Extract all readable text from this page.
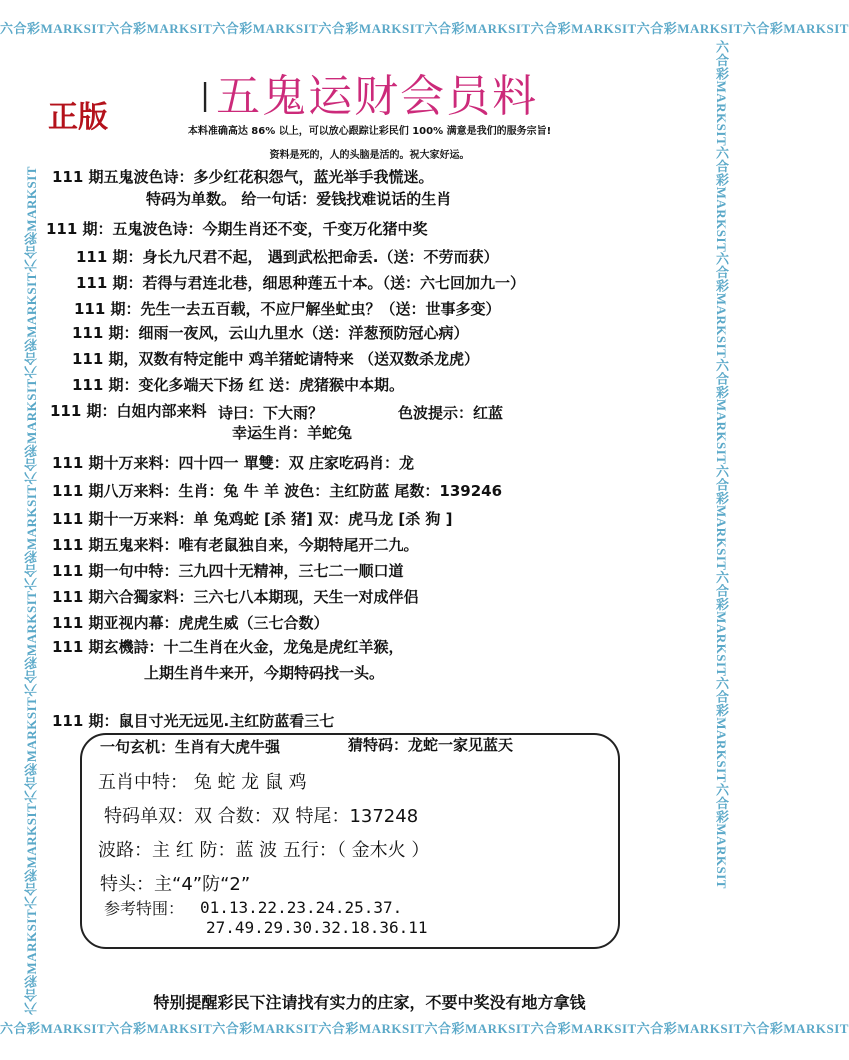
六合彩MARKSIT六合彩MARKSIT六合彩MARKSIT六合彩MARKSIT六合彩MARKSIT六合彩MARKSIT六合彩MARKSIT六合彩MARKSIT
六合彩MARKSIT六合彩MARKSIT六合彩MARKSIT六合彩MARKSIT六合彩MARKSIT六合彩MARKSIT六合彩MARKSIT六合彩MARKSIT
六合彩MARKSIT六合彩MARKSIT六合彩MARKSIT六合彩MARKSIT六合彩MARKSIT六合彩MARKSIT六合彩MARKSIT六合彩MARKSIT	六合彩MARKSIT六合彩MARKSIT六合彩MARKSIT六合彩MARKSIT六合彩MARKSIT六合彩MARKSIT六合彩MARKSIT六合彩MARKSIT
|五鬼运财会员料
正版	本料准确高达 86% 以上，可以放心跟踪让彩民们 100% 满意是我们的服务宗旨!
资料是死的，人的头脑是活的。祝大家好运。
111 期五鬼波色诗：多少红花积怨气，蓝光举手我慌迷。
特码为单数。 给一句话：爱钱找难说话的生肖
111 期：五鬼波色诗：今期生肖还不变，千变万化猪中奖
111 期：身长九尺君不起， 遇到武松把命丢.（送：不劳而获）
111 期：若得与君连北巷，细思种莲五十本。（送：六七回加九一）
111 期：先生一去五百载，不应尸解坐虻虫？（送：世事多变）
111 期：细雨一夜风，云山九里水（送：洋葱预防冠心病）
111 期，双数有特定能中 鸡羊猪蛇请特来 （送双数杀龙虎）
111 期：变化多端天下扬 红 送：虎猪猴中本期。
111 期：白姐内部来料 诗曰：下大雨？	色波提示：红蓝
幸运生肖：羊蛇兔
111 期十万来料：四十四一 單雙：双 庄家吃码肖：龙
111 期八万来料：生肖：兔 牛 羊 波色：主红防蓝 尾数：139246
111 期十一万来料：单 兔鸡蛇 [杀 猪] 双：虎马龙 [杀 狗 ]
111 期五鬼来料：唯有老鼠独自来，今期特尾开二九。
111 期一句中特：三九四十无精神，三七二一顺口道
111 期六合獨家料：三六七八本期现，天生一对成伴侣
111 期亚视内幕：虎虎生威（三七合数）
111 期玄機詩：十二生肖在火金，龙兔是虎红羊猴，
上期生肖牛来开，今期特码找一头。
111 期：鼠目寸光无远见.主红防蓝看三七
一句玄机：生肖有大虎牛强	猜特码：龙蛇一家见蓝天
五肖中特： 兔 蛇 龙 鼠 鸡
特码单双：双 合数：双 特尾：137248
波路：主 红 防：蓝 波 五行：（ 金木火 ）
特头：主“4”防“2”
参考特围： 01.13.22.23.24.25.37.
27.49.29.30.32.18.36.11
特别提醒彩民下注请找有实力的庄家，不要中奖没有地方拿钱
